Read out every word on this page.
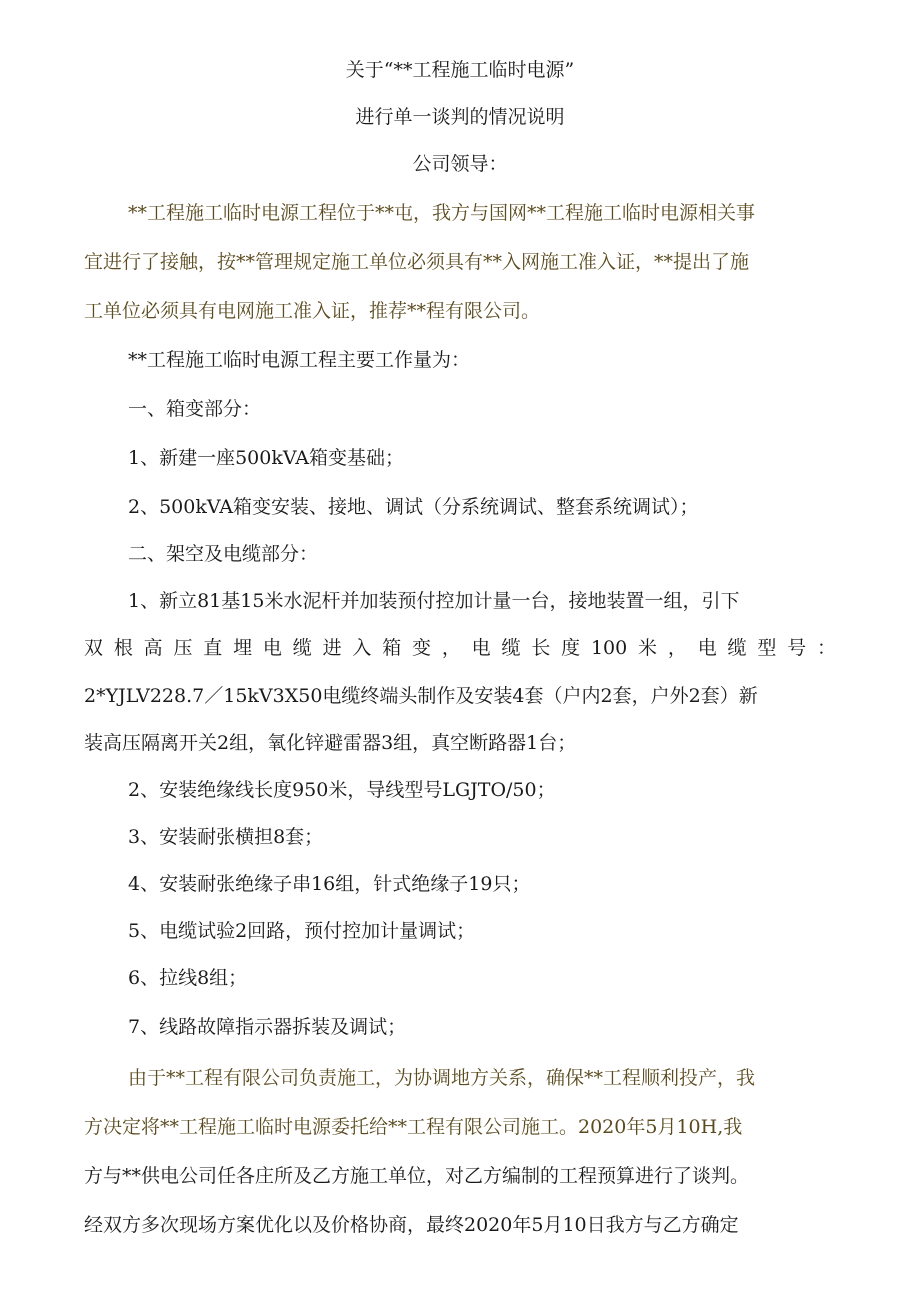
关于“**工程施工临时电源”
进行单一谈判的情况说明
公司领导：
**工程施工临时电源工程位于**屯，我方与国网**工程施工临时电源相关事
宜进行了接触，按**管理规定施工单位必须具有**入网施工准入证，**提出了施
工单位必须具有电网施工准入证，推荐**程有限公司。
**工程施工临时电源工程主要工作量为：
一、箱变部分：
1、新建一座500kVA箱变基础；
2、500kVA箱变安装、接地、调试（分系统调试、整套系统调试）；
二、架空及电缆部分：
1、新立81基15米水泥杆并加装预付控加计量一台，接地装置一组，引下
双根高压直埋电缆进入箱变，电缆长度100米，电缆型号：
2*YJLV228.7／15kV3X50电缆终端头制作及安装4套（户内2套，户外2套）新
装高压隔离开关2组，氧化锌避雷器3组，真空断路器1台；
2、安装绝缘线长度950米，导线型号LGJTO/50；
3、安装耐张横担8套；
4、安装耐张绝缘子串16组，针式绝缘子19只；
5、电缆试验2回路，预付控加计量调试；
6、拉线8组；
7、线路故障指示器拆装及调试；
由于**工程有限公司负责施工，为协调地方关系，确保**工程顺利投产，我
方决定将**工程施工临时电源委托给**工程有限公司施工。2020年5月10H,我
方与**供电公司任各庄所及乙方施工单位，对乙方编制的工程预算进行了谈判。
经双方多次现场方案优化以及价格协商，最终2020年5月10日我方与乙方确定
